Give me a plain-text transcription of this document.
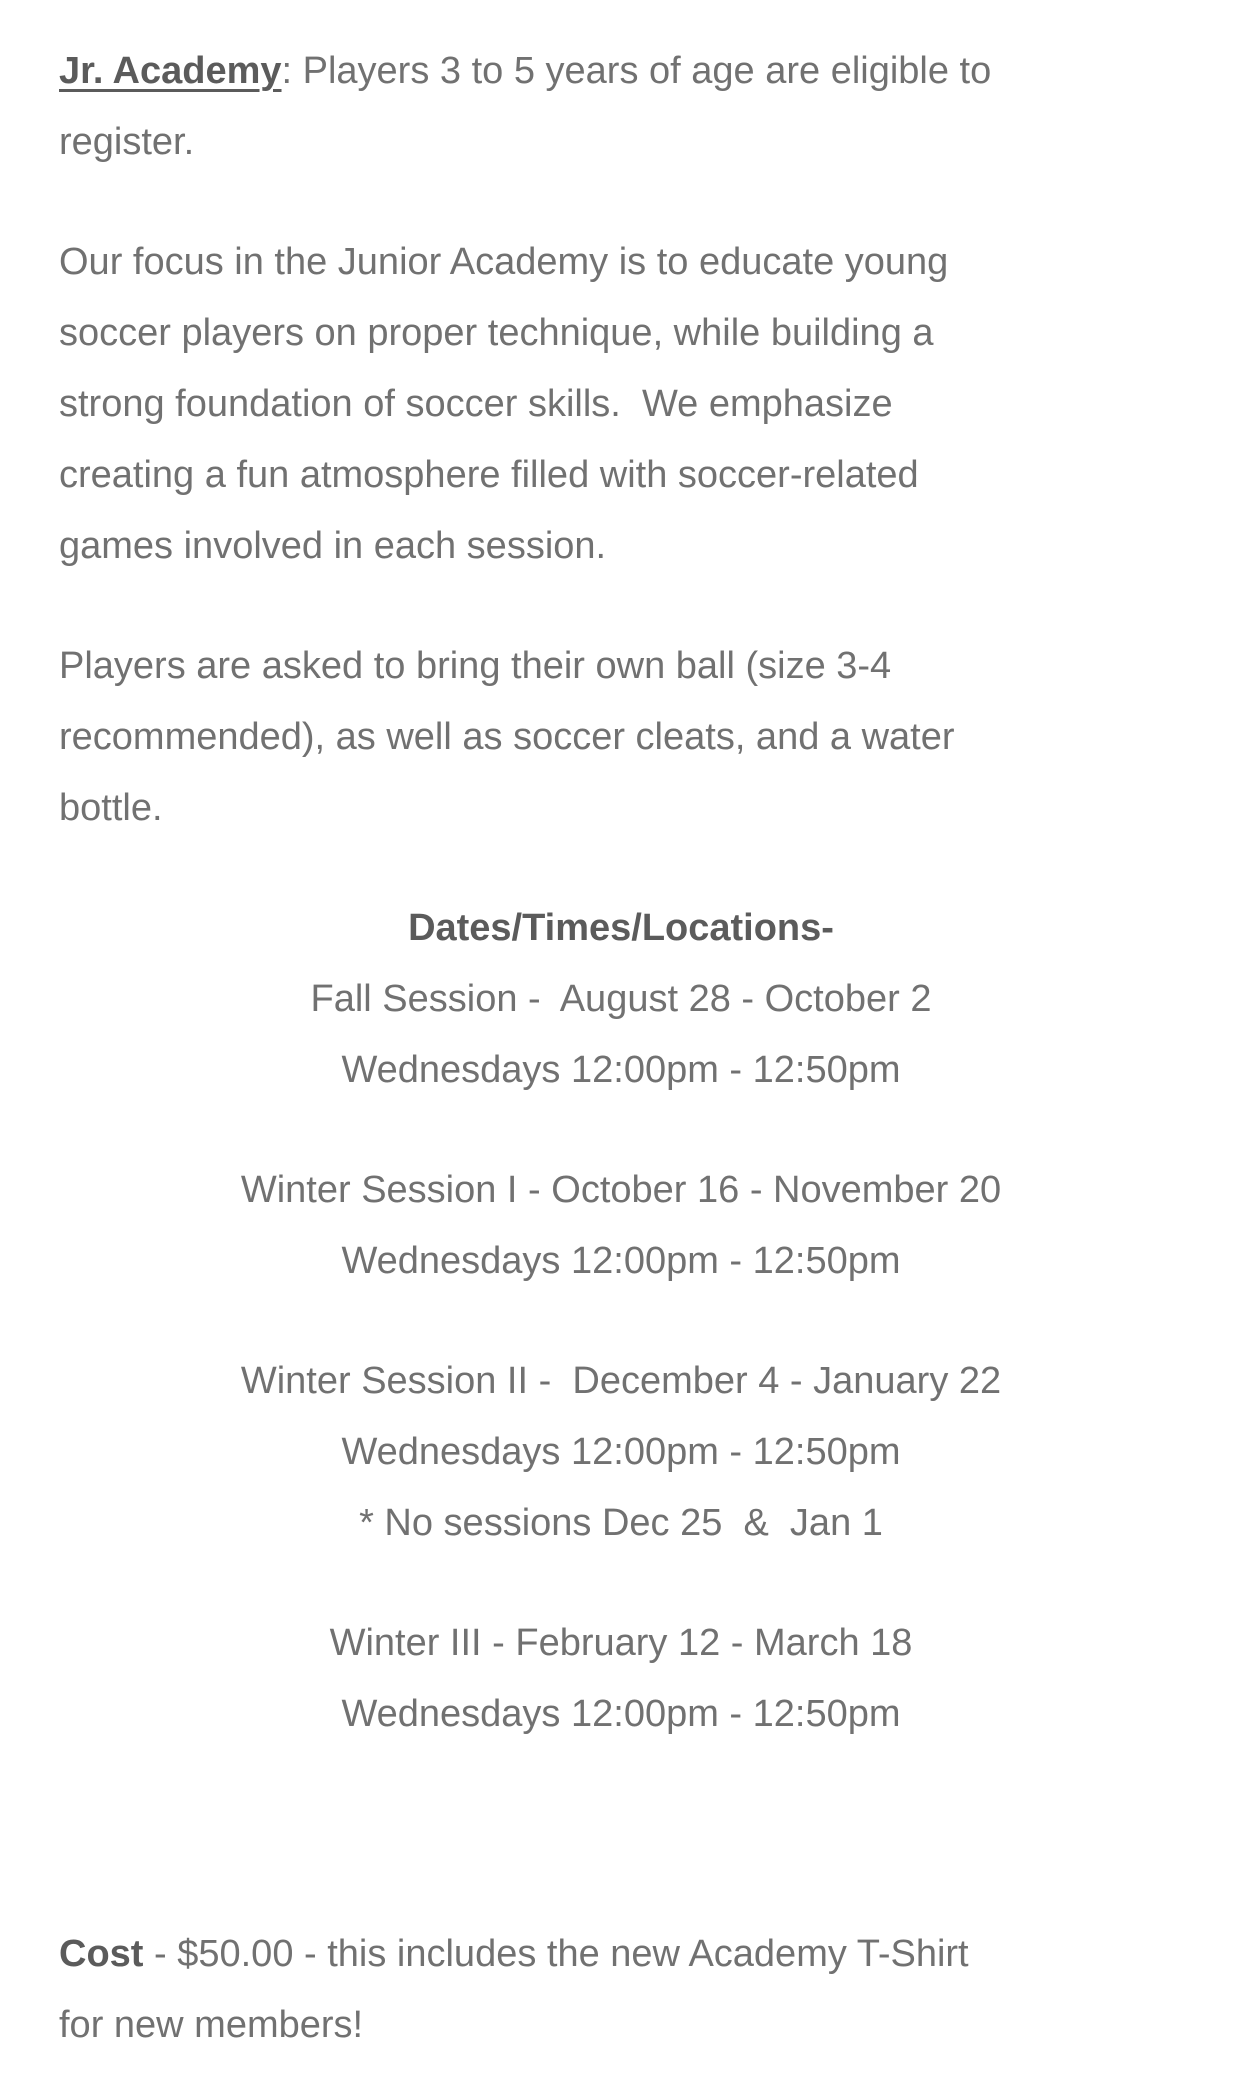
Jr. Academy: Players 3 to 5 years of age are eligible to
register.
Our focus in the Junior Academy is to educate young
soccer players on proper technique, while building a
strong foundation of soccer skills.  We emphasize
creating a fun atmosphere filled with soccer-related
games involved in each session.
Players are asked to bring their own ball (size 3-4
recommended), as well as soccer cleats, and a water
bottle.
Dates/Times/Locations-
Fall Session -  August 28 - October 2
Wednesdays 12:00pm - 12:50pm
Winter Session I - October 16 - November 20
Wednesdays 12:00pm - 12:50pm
Winter Session II -  December 4 - January 22
Wednesdays 12:00pm - 12:50pm
* No sessions Dec 25  &  Jan 1
Winter III - February 12 - March 18
Wednesdays 12:00pm - 12:50pm
Cost - $50.00 - this includes the new Academy T-Shirt
for new members!
